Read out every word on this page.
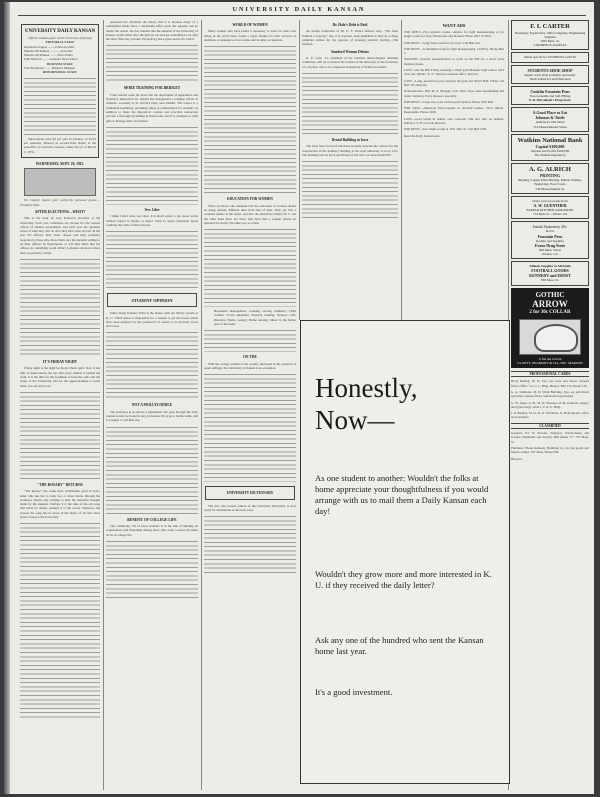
UNIVERSITY DAILY KANSAN
UNIVERSITY DAILY KANSAN
Official student paper of the University of Kansas
EDITORIAL STAFF
Raymond Clapper ........ Editor-in-chief
Maurice McKinnon ............ Associate
Maurice McKinnon ........ News Editor
John Sullivan ........ Assistant News Editor
BUSINESS STAFF
Elna Brodersen ........ Business Manager
REPORTORIAL STAFF

Subscription price $2 per year in advance, or $1.25 per semester. Entered as second-class matter at the postoffice at Lawrence, Kansas, under the act of March 3, 1879.

WEDNESDAY, SEPT. 29, 1915.

No Capital means your university personal power.—President Eliot.

AFTER ELECTIONS—WHAT?

This is the hour of very hallowed elections at the University. Each year candidates are chosen for the various offices of student government, and each year the question arises of what they will do after they have been elected. In the past the officers have been chosen and then promptly forgotten by those who chose them. Are the students willing to let their officers be figureheads, or will they insist that the officers do something worth while? A student election is more than a popularity contest.

IT'S FRIDAY NIGHT

Friday night is the night for Rock Chalk spirit. Now is the time to make known the fact that every student is behind the team. It is the time for the freshmen to learn the yells and the songs of the University, and for the upperclassmen to teach them. Get out and boost.

"THE ROSARY" RETURNS

"The Rosary" has come back. Indefinable good in every hand. One has but to walk two or three blocks through the residence district any evening to hear the melodies brought home by the students. Perhaps it is the tune of the old song that holds its charm, perhaps it is the words. Whatever the reason, the song has its place in the hearts of all who have heard it sung at the University.

president has advanced the theory that it is because many of a sentimental nature have a depressing effect upon the appetite, but no matter the reason, the fact remains that the students of the University of Kansas would rather have the girls go out and get something to eat after the show than stay at home. Psychology has a great deal to do with it.

MORE TRAINING FOR BRIDGET

From Ireland come the news that the department of Agriculture and Technical Instruction for Ireland has inaugurated a training school in domestic economy at St. Kevin's Park, near Dublin. The school is a residential institution, providing ample accommodation for students. In addition to these the theoretical courses and practical instruction provide a thorough grounding in housework, and it is designed to train girls to manage their own homes.

Vers Libre

I think I shall write vers libre. It is much easier to put down words without regard to rhyme or meter. Then to spend ridiculous hours combing the walls of linear meters.

STUDENT OPINION

Editor Daily Kansan: What is the matter with our library system at K. U. which makes it impossible for a student to get the books which have been assigned by the professors? It seems to be growing worse and worse.

NOT A MOLLYCODDLE

The professor is as sincere a gentleman who goes through the daily routine as may be found in any profession. He is not a mollycoddle, and it is unjust to call him one.

BENEFIT OF COLLEGE LIFE

The commodity life of most students is in the line of building an acquaintance and friendship among those who come to know the inner circle of college life.

WORLD OF WOMEN

Many women who have found it necessary to work for their own living in the world have found a ready market for their services as dietitians, as managers of tea rooms, and in other occupations.

EDUCATION FOR WOMEN

There are those who maintain that the education of women should be along entirely different lines from that of men. They say that a woman's sphere is the home, and that she should be trained for it. On the other hand there are those who hold that a woman should be educated in exactly the same way as a man.

Household management; Cooking, sewing, millinery; Child welfare; Social amenities; Physical training; Nursery craft; Dietetics; Home cookery; Home nursing; Music in the home; Arts of the home

ON THE

With the college women of the country interested in the question of equal suffrage, the University of Kansas is no exception.

UNIVERSITY DICTIONARY

The new and revised edition of the University Dictionary is now ready for distribution at the book store.

Dr. Hale's Debt is Paid

An Italian translation of Dr. E. E. Hale's famous story, "The Man Without a Country," has, it is reported, been published in Italy in a cheap pamphlet edition for the purpose of arousing patriotic feeling.—The Outlook.

Stanford Women Debate

K. E. Leib, '15, chairman of the Stanford intercollegiate debating committee, will try to interest the women of the university in the formation of a forensic club to be composed exclusively of Stanford women.

Dental Building at Iowa

The Iowa State board of education recently awarded the contract for the construction of the dentistry building at the state university at Iowa City. The building will be brick and fireproof and will cost about $140,000.

WANT ADS

FOR RENT—Five upstairs rooms, suitable for light housekeeping or for single rooms for boys. House new and modern. Phone 2615 W, Bell.

FOR RENT—Large front room for two boys. Call Bell 414.

FOR RENT—A furnished room for light housekeeping. 1228 Ky. Phone Bell 5.

WANTED—Several representatives to work on the Hill for a down town business house.

LOST—On the Hill Friday morning a small gold Masonic high school 1914 class pin. Initials "E. T." Return to Kansan office. Reward.

LOST—Long, jeweled bar pin, between the gym and Oliver Hall. Finder call Bell 701. Reward.

Demonstration. Mrs. M. A. Morgan, 1331 Tenn. Up-to-date dressmaking and ladies' tailoring. Early dresses a specialty.

FOR RENT—Large airy room with board if desired. Phone 1087 Bell.

FOR SALE—American Encyclopedia in one-half leather, 1915 edition. Reasonable. Phone 1000.

LOST—Gold watch in leather case, between 13th and 14th on Indiana. Initials J. P. H. on back. Reward.

FOR RENT—Two single rooms at 1231 Ohio St. Call Bell 1004.

Read the Daily Kansan Ads.

Honestly,
Now—
As one student to another: Wouldn't the folks at home appreciate your thoughtfulness if you would arrange with us to mail them a Daily Kansan each day!
Wouldn't they grow more and more interested in K. U. if they received the daily letter?
Ask any one of the hundred who sent the Kansan home last year.
It's a good investment.
F. I. CARTER
Stationery, Typewriters, Office Supplies, Engineering Supplies
1025 Mass. St.
LAWRENCE, KANSAS
Meals special for STUDENTS at $3.50
STUDENTS SHOE SHOP
Repair work done promptly and neatly
Work Called for and Delivered
Conklin Fountain Pens
Non-Leakable and Self-Filling
F. D. McColloch's Drug Store
A Good Place to Eat
Johnson & Tuttle
Anderson's Old Stand
714 Massachusetts Street
Watkins National Bank
Capital $100,000
Surplus and Profits $100,000
The Student Depository
A. G. ALRICH
PRINTING
Binding, Copper Plate Printing, Rubber Stamps, Engraving, Proof Cards
744 Massachusetts St.
Order your Groceries from
A. W. GUENTHER
FARM & KITCHEN GROCERIES
714 Mass St.—Phone 116
Initial Stationery 35c
& box
Fountain Pens
Kodaks and Supplies
Evans Drug Store
849 Mass. Street
Phones 114
Athletic Supplies of All Kinds
FOOTBALL GOODS
KENNEDY and ERNST
838 Mass. St.
GOTHIC
ARROW
2 for 30c COLLAR
It fits the Cravat
CLUETT, PEABODY & CO., INC. MAKERS
PROFESSIONAL CARDS

Harry Reding, M. D. Eye, ear, nose and throat. Glasses fitted. Office 7 A. U. C. Bldg. Phones: Bell 133, Home 519.

G. A. Simmons, M. D. Thirk Building. Eye, ear and throat specialist. Glasses fitted. Satisfaction guaranteed.

G. W. Jones, A. B., M. D. Diseases of the stomach, surgery and gynecology. Suite 1, F. A. U. Bldg.

J. R. Bechtel, M. D., D. O. 810 Mass. St. Both phones, office and residence.

CLASSIFIED

Jewelers: Ed. W. Parsons, Engraver, Watch-maker and Jeweler. Diamonds and Jewelry. Bell phone 717. 747 Mass. St.

Plumbers: Phone Kennedy Plumbing Co. for gas goods and Mazda Lamps. 937 Mass. Phone 658.

Bicycles
